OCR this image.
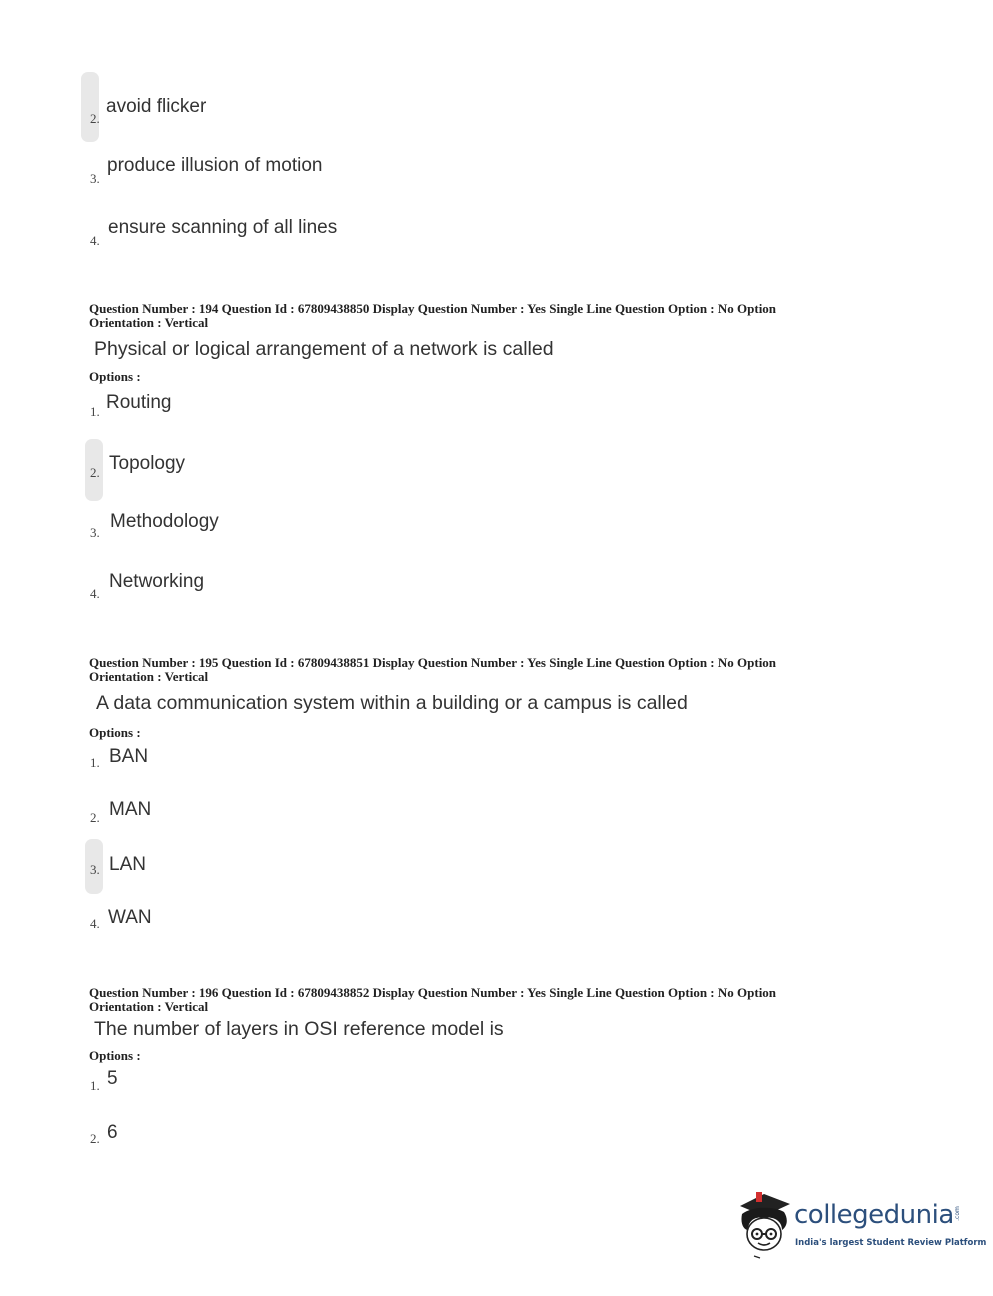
2.
avoid flicker
3.
produce illusion of motion
4.
ensure scanning of all lines
Question Number : 194 Question Id : 67809438850 Display Question Number : Yes Single Line Question Option : No Option
Orientation : Vertical
Physical or logical arrangement of a network is called
Options :
1. Routing
2. Topology
3.
Methodology
4.
Networking
Question Number : 195 Question Id : 67809438851 Display Question Number : Yes Single Line Question Option : No Option
Orientation : Vertical
A data communication system within a building or a campus is called
Options :
1. BAN
2. MAN
3. LAN
4. WAN
Question Number : 196 Question Id : 67809438852 Display Question Number : Yes Single Line Question Option : No Option
Orientation : Vertical
The number of layers in OSI reference model is
Options :
1. 5
2. 6
collegedunia .com
India's largest Student Review Platform
